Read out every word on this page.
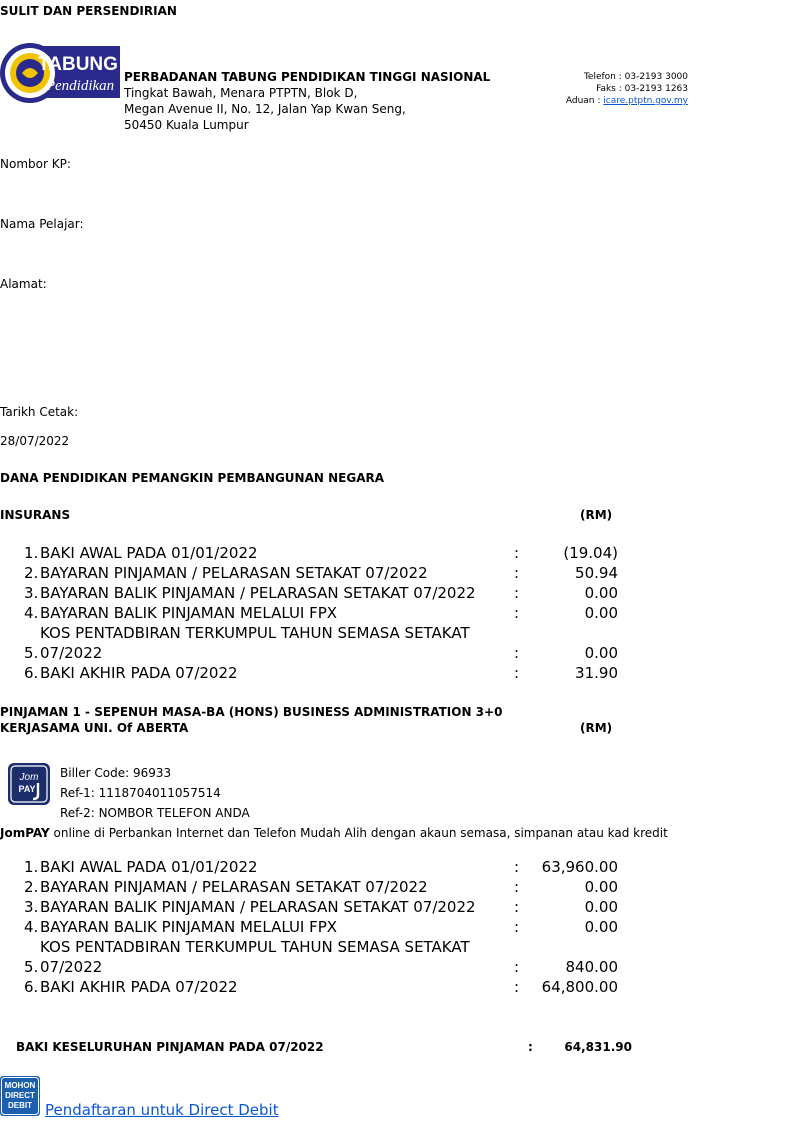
SULIT DAN PERSENDIRIAN
TABUNG
Pendidikan
PERBADANAN TABUNG PENDIDIKAN TINGGI NASIONAL
Tingkat Bawah, Menara PTPTN, Blok D,
Megan Avenue II, No. 12, Jalan Yap Kwan Seng,
50450 Kuala Lumpur
Telefon : 03-2193 3000
Faks : 03-2193 1263
Aduan : icare.ptptn.gov.my
Nombor KP:
Nama Pelajar:
Alamat:
Tarikh Cetak:
28/07/2022
DANA PENDIDIKAN PEMANGKIN PEMBANGUNAN NEGARA
INSURANS	(RM)
1. BAKI AWAL PADA 01/01/2022	:	(19.04)
2. BAYARAN PINJAMAN / PELARASAN SETAKAT 07/2022	:	50.94
3. BAYARAN BALIK PINJAMAN / PELARASAN SETAKAT 07/2022	:	0.00
4. BAYARAN BALIK PINJAMAN MELALUI FPX	:	0.00
KOS PENTADBIRAN TERKUMPUL TAHUN SEMASA SETAKAT
5. 07/2022	:	0.00
6. BAKI AKHIR PADA 07/2022	:	31.90
PINJAMAN 1 - SEPENUH MASA-BA (HONS) BUSINESS ADMINISTRATION 3+0
KERJASAMA UNI. Of ABERTA	(RM)
Jom
PAY
Biller Code: 96933
Ref-1: 1118704011057514
Ref-2: NOMBOR TELEFON ANDA
JomPAY online di Perbankan Internet dan Telefon Mudah Alih dengan akaun semasa, simpanan atau kad kredit
1. BAKI AWAL PADA 01/01/2022	: 63,960.00
2. BAYARAN PINJAMAN / PELARASAN SETAKAT 07/2022	:	0.00
3. BAYARAN BALIK PINJAMAN / PELARASAN SETAKAT 07/2022	:	0.00
4. BAYARAN BALIK PINJAMAN MELALUI FPX	:	0.00
KOS PENTADBIRAN TERKUMPUL TAHUN SEMASA SETAKAT
5. 07/2022	:	840.00
6. BAKI AKHIR PADA 07/2022	: 64,800.00
BAKI KESELURUHAN PINJAMAN PADA 07/2022	:	64,831.90
MOHON
DIRECT
DEBIT Pendaftaran untuk Direct Debit
